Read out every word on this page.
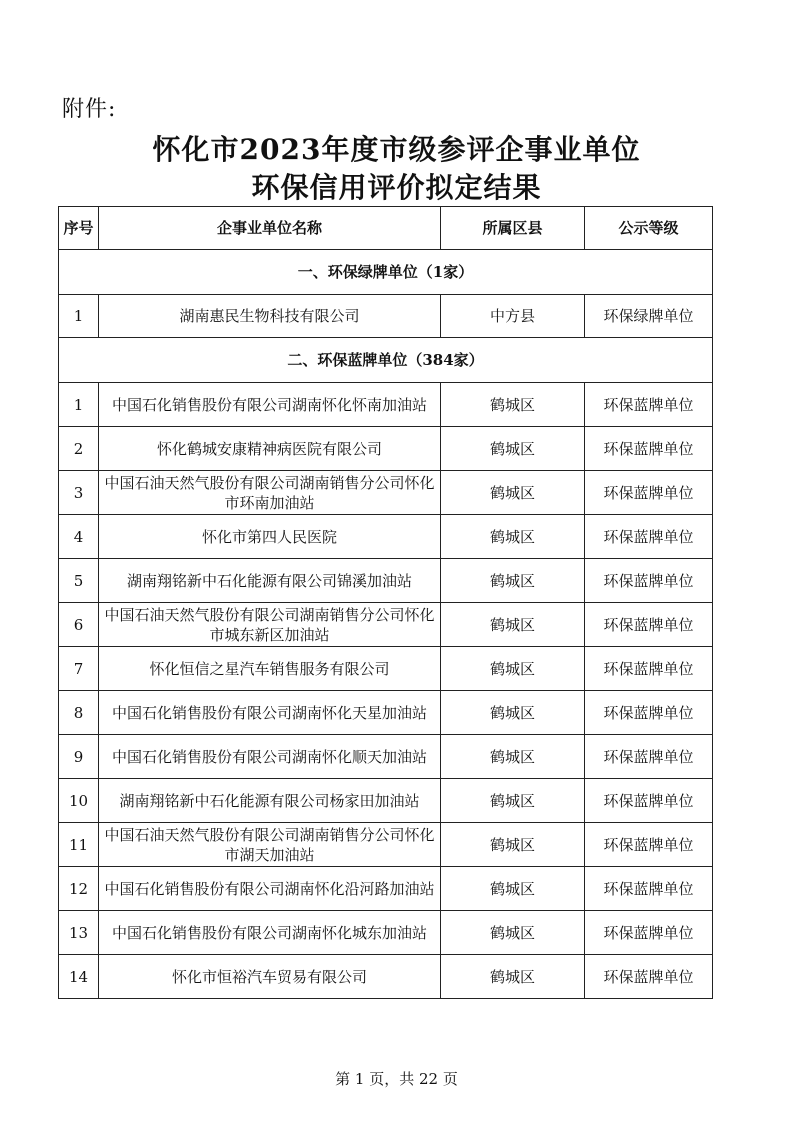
附件:
怀化市2023年度市级参评企事业单位
环保信用评价拟定结果
序号	企事业单位名称	所属区县	公示等级
一、环保绿牌单位（1家）			
1	湖南惠民生物科技有限公司	中方县	环保绿牌单位
二、环保蓝牌单位（384家）			
1	中国石化销售股份有限公司湖南怀化怀南加油站	鹤城区	环保蓝牌单位
2	怀化鹤城安康精神病医院有限公司	鹤城区	环保蓝牌单位
3	中国石油天然气股份有限公司湖南销售分公司怀化市环南加油站	鹤城区	环保蓝牌单位
4	怀化市第四人民医院	鹤城区	环保蓝牌单位
5	湖南翔铭新中石化能源有限公司锦溪加油站	鹤城区	环保蓝牌单位
6	中国石油天然气股份有限公司湖南销售分公司怀化市城东新区加油站	鹤城区	环保蓝牌单位
7	怀化恒信之星汽车销售服务有限公司	鹤城区	环保蓝牌单位
8	中国石化销售股份有限公司湖南怀化天星加油站	鹤城区	环保蓝牌单位
9	中国石化销售股份有限公司湖南怀化顺天加油站	鹤城区	环保蓝牌单位
10	湖南翔铭新中石化能源有限公司杨家田加油站	鹤城区	环保蓝牌单位
11	中国石油天然气股份有限公司湖南销售分公司怀化市湖天加油站	鹤城区	环保蓝牌单位
12	中国石化销售股份有限公司湖南怀化沿河路加油站	鹤城区	环保蓝牌单位
13	中国石化销售股份有限公司湖南怀化城东加油站	鹤城区	环保蓝牌单位
14	怀化市恒裕汽车贸易有限公司	鹤城区	环保蓝牌单位
第 1 页，共 22 页
